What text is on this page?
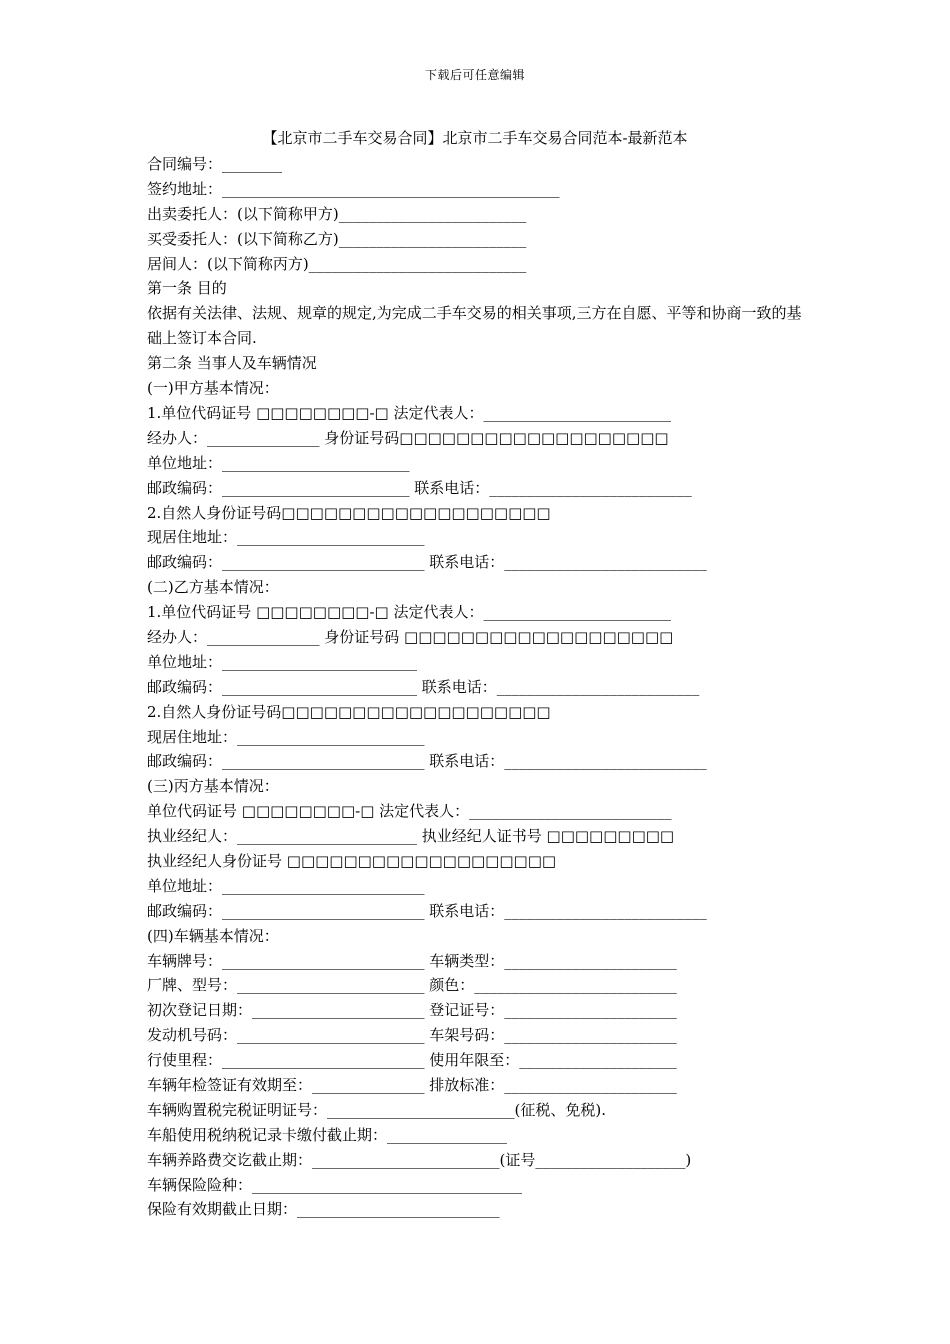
下载后可任意编辑
【北京市二手车交易合同】北京市二手车交易合同范本-最新范本
合同编号：________
签约地址：_____________________________________________
出卖委托人：(以下简称甲方)_________________________
买受委托人：(以下简称乙方)_________________________
居间人：(以下简称丙方)_____________________________
第一条 目的
依据有关法律、法规、规章的规定,为完成二手车交易的相关事项,三方在自愿、平等和协商一致的基础上签订本合同.
第二条 当事人及车辆情况
(一)甲方基本情况：
1.单位代码证号 □□□□□□□□-□ 法定代表人：_________________________
经办人：_______________ 身份证号码□□□□□□□□□□□□□□□□□□□
单位地址：_________________________
邮政编码：_________________________ 联系电话：___________________________
2.自然人身份证号码□□□□□□□□□□□□□□□□□□□
现居住地址：_________________________
邮政编码：___________________________ 联系电话：___________________________
(二)乙方基本情况：
1.单位代码证号 □□□□□□□□-□ 法定代表人：_________________________
经办人：_______________ 身份证号码 □□□□□□□□□□□□□□□□□□□
单位地址：__________________________
邮政编码：__________________________ 联系电话：___________________________
2.自然人身份证号码□□□□□□□□□□□□□□□□□□□
现居住地址：_________________________
邮政编码：___________________________ 联系电话：___________________________
(三)丙方基本情况：
单位代码证号 □□□□□□□□-□ 法定代表人：___________________________
执业经纪人：________________________ 执业经纪人证书号 □□□□□□□□□
执业经纪人身份证号 □□□□□□□□□□□□□□□□□□□
单位地址：___________________________
邮政编码：___________________________ 联系电话：___________________________
(四)车辆基本情况：
车辆牌号：___________________________ 车辆类型：_______________________
厂牌、型号：_________________________ 颜色：___________________________
初次登记日期：_______________________ 登记证号：_______________________
发动机号码：_________________________ 车架号码：_______________________
行使里程：___________________________ 使用年限至：_____________________
车辆年检签证有效期至：_______________ 排放标准：_______________________
车辆购置税完税证明证号：_________________________(征税、免税).
车船使用税纳税记录卡缴付截止期：________________
车辆养路费交讫截止期：_________________________(证号____________________)
车辆保险险种：____________________________________
保险有效期截止日期：___________________________
